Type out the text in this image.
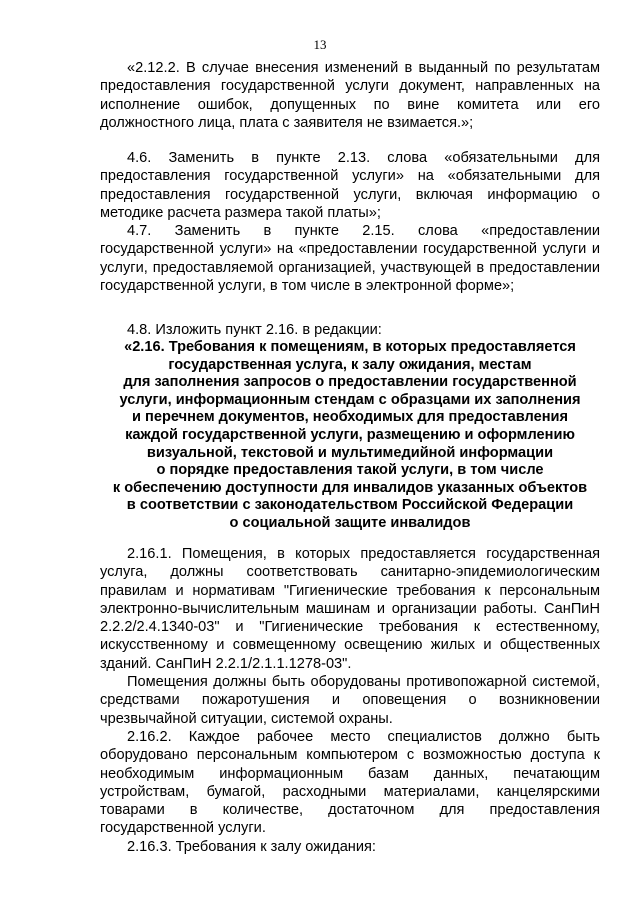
13

«2.12.2. В случае внесения изменений в выданный по результатам предоставления государственной услуги документ, направленных на исполнение ошибок, допущенных по вине комитета или его должностного лица, плата с заявителя не взимается.»;

4.6. Заменить в пункте 2.13. слова «обязательными для предоставления государственной услуги» на «обязательными для предоставления государственной услуги, включая информацию о методике расчета размера такой платы»;

4.7. Заменить в пункте 2.15. слова «предоставлении государственной услуги» на «предоставлении государственной услуги и услуги, предоставляемой организацией, участвующей в предоставлении государственной услуги, в том числе в электронной форме»;

4.8. Изложить пункт 2.16. в редакции:

«2.16. Требования к помещениям, в которых предоставляется

государственная услуга, к залу ожидания, местам

для заполнения запросов о предоставлении государственной

услуги, информационным стендам с образцами их заполнения

и перечнем документов, необходимых для предоставления

каждой государственной услуги, размещению и оформлению

визуальной, текстовой и мультимедийной информации

о порядке предоставления такой услуги, в том числе

к обеспечению доступности для инвалидов указанных объектов

в соответствии с законодательством Российской Федерации

о социальной защите инвалидов

2.16.1. Помещения, в которых предоставляется государственная услуга, должны соответствовать санитарно-эпидемиологическим правилам и нормативам "Гигиенические требования к персональным электронно-вычислительным машинам и организации работы. СанПиН 2.2.2/2.4.1340-03" и "Гигиенические требования к естественному, искусственному и совмещенному освещению жилых и общественных зданий. СанПиН 2.2.1/2.1.1.1278-03".

Помещения должны быть оборудованы противопожарной системой, средствами пожаротушения и оповещения о возникновении чрезвычайной ситуации, системой охраны.

2.16.2. Каждое рабочее место специалистов должно быть оборудовано персональным компьютером с возможностью доступа к необходимым информационным базам данных, печатающим устройствам, бумагой, расходными материалами, канцелярскими товарами в количестве, достаточном для предоставления государственной услуги.

2.16.3. Требования к залу ожидания:
